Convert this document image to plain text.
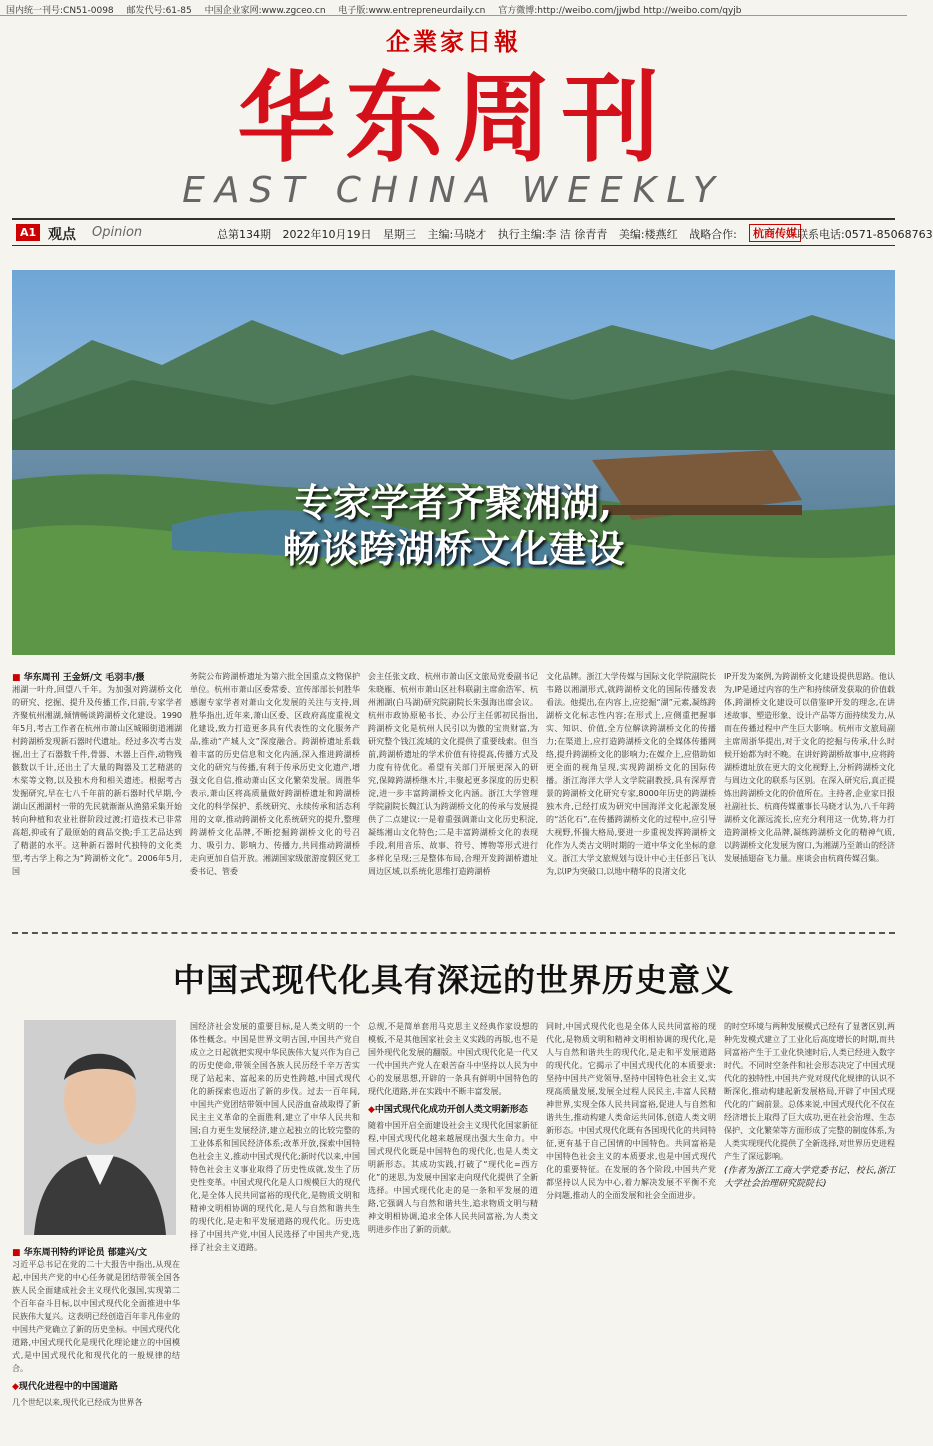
国内统一刊号:CN51-0098 邮发代号:61-85 中国企业家网:www.zgceo.cn 电子版:www.entrepreneurdaily.cn 官方微博:http://weibo.com/jjwbd http://weibo.com/qyjb
企業家日報
华东周刊
EAST CHINA WEEKLY
A1 观点 Opinion	总第134期 2022年10月19日 星期三 主编:马晓才 执行主编:李 洁 徐青青 美编:楼燕红 战略合作:	杭商传媒 联系电话:0571-85068763
专家学者齐聚湘湖,
畅谈跨湖桥文化建设
■ 华东周刊 王金妍/文 毛羽丰/摄
湘湖一叶舟,回望八千年。为加强对跨湖桥文化的研究、挖掘、提升及传播工作,日前,专家学者齐聚杭州湘湖,倾情畅谈跨湖桥文化建设。1990年5月,考古工作者在杭州市萧山区城厢街道湘湖村跨湖桥发现新石器时代遗址。经过多次考古发掘,出土了石器数千件,骨器、木器上百件,动物残骸数以千计,还出土了大量的陶器及工艺精湛的木桨等文物,以及独木舟和相关遗迹。根据考古发掘研究,早在七八千年前的新石器时代早期,今湖山区湘湖村一带的先民就渐渐从渔猎采集开始转向种植和农业社群阶段过渡;打造技术已非常高超,抑或有了最原始的商品交换;手工艺品达到了精湛的水平。这种新石器时代独特的文化类型,考古学上称之为“跨湖桥文化”。2006年5月,国
务院公布跨湖桥遗址为第六批全国重点文物保护单位。杭州市萧山区委常委、宣传部部长何胜华感谢专家学者对萧山文化发展的关注与支持,周胜华指出,近年来,萧山区委、区政府高度重视文化建设,致力打造更多具有代表性的文化服务产品,推动“产城人文”深度融合。跨湖桥遗址系载着丰富的历史信息和文化内涵,深入推进跨湖桥文化的研究与传播,有利于传承历史文化遗产,增强文化自信,推动萧山区文化繁荣发展。周胜华表示,萧山区将高质量做好跨湖桥遗址和跨湖桥文化的科学保护、系统研究、永续传承和活态利用的文章,推动跨湖桥文化系统研究的提升,整理跨湖桥文化品牌,不断挖掘跨湖桥文化的号召力、吸引力、影响力、传播力,共同推动跨湖桥走向更加自信开放。湘湖国家级旅游度假区党工委书记、管委
会主任张文政、杭州市萧山区文旅局党委副书记朱晓雁、杭州市萧山区社科联副主席俞浩军、杭州湘湖(白马湖)研究院副院长朱强海出席会议。杭州市政协原秘书长、办公厅主任郭初民指出,跨湖桥文化是杭州人民引以为傲的宝贵财富,为研究整个钱江流域的文化提供了重要线索。但当前,跨湖桥遗址的学术价值有待提高,传播方式及力度有待优化。希望有关部门开展更深入的研究,保障跨湖桥继木片,丰聚起更多深度的历史积淀,进一步丰富跨湖桥文化内涵。浙江大学管理学院副院长魏江认为跨湖桥文化的传承与发展提供了二点建议:一是着重强调萧山文化历史积淀,凝练湘山文化特色;二是丰富跨湖桥文化的表现手段,利用音乐、故事、符号、博物等形式进行多样化呈现;三是整体布局,合理开发跨湖桥遗址周边区域,以系统化思维打造跨湖桥
文化品牌。浙江大学传媒与国际文化学院副院长韦路以湘湖形式,就跨湖桥文化的国际传播发表看法。他提出,在内容上,应挖掘“湖”元素,凝练跨湖桥文化标志性内容;在形式上,应侧重把握事实、知识、价值,全方位解读跨湖桥文化的传播力;在渠道上,应打造跨湖桥文化的全媒体传播网络,提升跨湖桥文化的影响力;在媒介上,应借助如更全面的视角呈现,实现跨湖桥文化的国际传播。浙江海洋大学人文学院副教授,具有深厚背景的跨湖桥文化研究专家,8000年历史的跨湖桥独木舟,已经打成为研究中国海洋文化起源发展的“活化石”,在传播跨湖桥文化的过程中,应引导大视野,怀揣大格局,要进一步重视发挥跨湖桥文化作为人类古文明时期的一道中华文化坐标的意义。浙江大学文旅规划与设计中心主任彭吕飞认为,以IP为突破口,以地中精华的良渚文化
IP开发为案例,为跨湖桥文化建设提供思路。他认为,IP是通过内容的生产和持续研发获取的价值载体,跨湖桥文化建设可以借鉴IP开发的理念,在讲述故事、塑造形象、设计产品等方面持续发力,从而在传播过程中产生巨大影响。杭州市文旅局副主席周浙华提出,对于文化的挖掘与传承,什么时候开始都为时不晚。在讲好跨湖桥故事中,应将跨湖桥遗址放在更大的文化视野上,分析跨湖桥文化与周边文化的联系与区别。在深入研究后,真正提炼出跨湖桥文化的价值所在。主持者,企业家日报社副社长、杭商传媒董事长马晓才认为,八千年跨湖桥文化源远流长,应充分利用这一优势,将力打造跨湖桥文化品牌,凝练跨湖桥文化的精神气质,以跨湖桥文化发展为窗口,为湘湖乃至萧山的经济发展插翅奋飞力量。座谈会由杭商传媒召集。
中国式现代化具有深远的世界历史意义
■ 华东周刊特约评论员 郁建兴/文
习近平总书记在党的二十大报告中指出,从现在起,中国共产党的中心任务就是团结带领全国各族人民全面建成社会主义现代化强国,实现第二个百年奋斗目标,以中国式现代化全面推进中华民族伟大复兴。这表明已经创造百年非凡伟业的中国共产党确立了新的历史坐标。中国式现代化道路,中国式现代化是现代化理论建立的中国模式,是中国式现代化和现代化的一般规律的结合。
◆现代化进程中的中国道路
几个世纪以来,现代化已经成为世界各
国经济社会发展的重要目标,是人类文明的一个体性概念。中国是世界文明古国,中国共产党自成立之日起就把实现中华民族伟大复兴作为自己的历史使命,带领全国各族人民历经千辛万苦实现了站起来、富起来的历史性跨越,中国式现代化的新探索也迈出了新的步伐。过去一百年间,中国共产党团结带领中国人民浴血奋战取得了新民主主义革命的全面胜利,建立了中华人民共和国;自力更生发展经济,建立起独立的比较完整的工业体系和国民经济体系;改革开放,探索中国特色社会主义,推动中国式现代化;新时代以来,中国特色社会主义事业取得了历史性成就,发生了历史性变革。中国式现代化是人口规模巨大的现代化,是全体人民共同富裕的现代化,是物质文明和精神文明相协调的现代化,是人与自然和谐共生的现代化,是走和平发展道路的现代化。历史选择了中国共产党,中国人民选择了中国共产党,选择了社会主义道路。
总规,不是简单套用马克思主义经典作家设想的模板,不是其他国家社会主义实践的再版,也不是国外现代化发展的翻版。中国式现代化是一代又一代中国共产党人在艰苦奋斗中坚持以人民为中心的发展思想,开辟的一条具有鲜明中国特色的现代化道路,并在实践中不断丰富发展。
◆中国式现代化成功开创人类文明新形态
随着中国开启全面建设社会主义现代化国家新征程,中国式现代化越来越展现出强大生命力。中国式现代化既是中国特色的现代化,也是人类文明新形态。其成功实践,打破了“现代化=西方化”的迷思,为发展中国家走向现代化提供了全新选择。中国式现代化走的是一条和平发展的道路,它强调人与自然和谐共生,追求物质文明与精神文明相协调,追求全体人民共同富裕,为人类文明进步作出了新的贡献。
同时,中国式现代化也是全体人民共同富裕的现代化,是物质文明和精神文明相协调的现代化,是人与自然和谐共生的现代化,是走和平发展道路的现代化。它揭示了中国式现代化的本质要求:坚持中国共产党领导,坚持中国特色社会主义,实现高质量发展,发展全过程人民民主,丰富人民精神世界,实现全体人民共同富裕,促进人与自然和谐共生,推动构建人类命运共同体,创造人类文明新形态。中国式现代化既有各国现代化的共同特征,更有基于自己国情的中国特色。共同富裕是中国特色社会主义的本质要求,也是中国式现代化的重要特征。在发展的各个阶段,中国共产党都坚持以人民为中心,着力解决发展不平衡不充分问题,推动人的全面发展和社会全面进步。
的时空环境与两种发展模式已经有了显著区别,两种先发模式建立了工业化后高度增长的时期,而共同富裕产生于工业化快速时后,人类已经进入数字时代。不同时空条件和社会形态决定了中国式现代化的独特性,中国共产党对现代化规律的认识不断深化,推动构建起新发展格局,开辟了中国式现代化的广阔前景。总体来说,中国式现代化不仅在经济增长上取得了巨大成功,更在社会治理、生态保护、文化繁荣等方面形成了完整的制度体系,为人类实现现代化提供了全新选择,对世界历史进程产生了深远影响。
(作者为浙江工商大学党委书记、校长,浙江大学社会治理研究院院长)
